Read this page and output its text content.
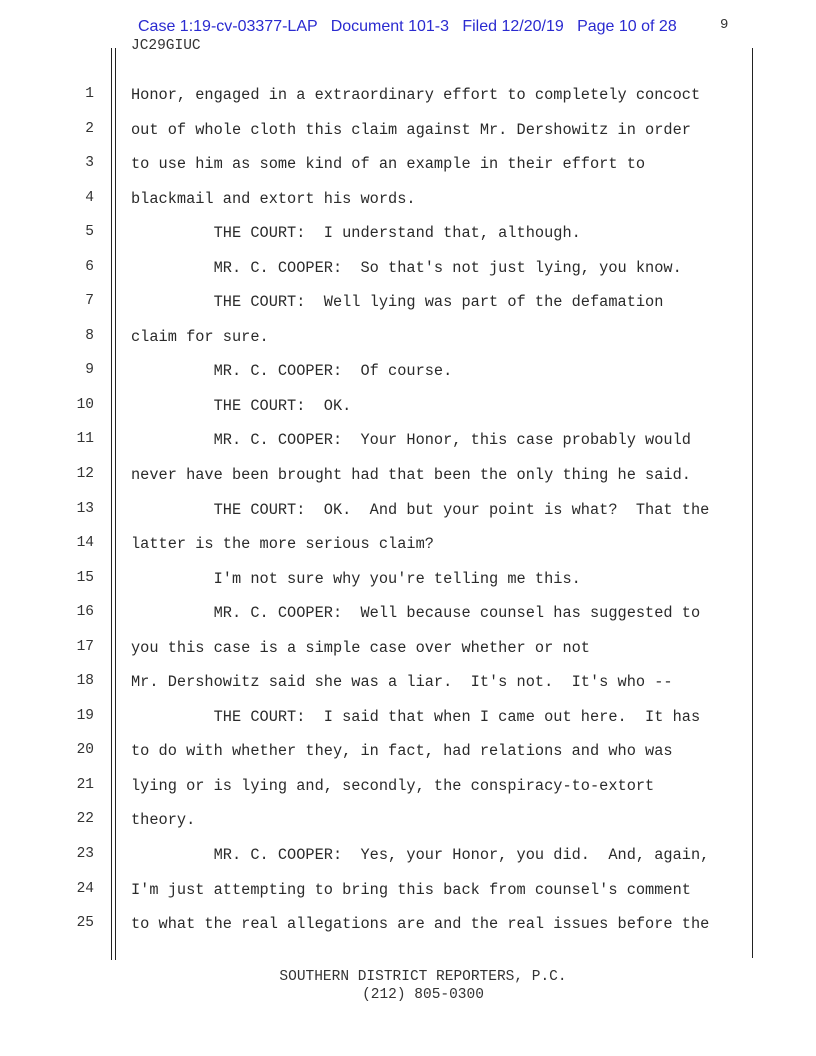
Case 1:19-cv-03377-LAP   Document 101-3   Filed 12/20/19   Page 10 of 28	9
JC29GIUC
1 Honor, engaged in a extraordinary effort to completely concoct
2 out of whole cloth this claim against Mr. Dershowitz in order
3 to use him as some kind of an example in their effort to
4 blackmail and extort his words.
5 THE COURT:  I understand that, although.
6 MR. C. COOPER:  So that's not just lying, you know.
7 THE COURT:  Well lying was part of the defamation
8 claim for sure.
9 MR. C. COOPER:  Of course.
10 THE COURT:  OK.
11 MR. C. COOPER:  Your Honor, this case probably would
12 never have been brought had that been the only thing he said.
13 THE COURT:  OK.  And but your point is what?  That the
14 latter is the more serious claim?
15 I'm not sure why you're telling me this.
16 MR. C. COOPER:  Well because counsel has suggested to
17 you this case is a simple case over whether or not
18 Mr. Dershowitz said she was a liar.  It's not.  It's who --
19 THE COURT:  I said that when I came out here.  It has
20 to do with whether they, in fact, had relations and who was
21 lying or is lying and, secondly, the conspiracy-to-extort
22 theory.
23 MR. C. COOPER:  Yes, your Honor, you did.  And, again,
24 I'm just attempting to bring this back from counsel's comment
25 to what the real allegations are and the real issues before the
SOUTHERN DISTRICT REPORTERS, P.C.
(212) 805-0300
